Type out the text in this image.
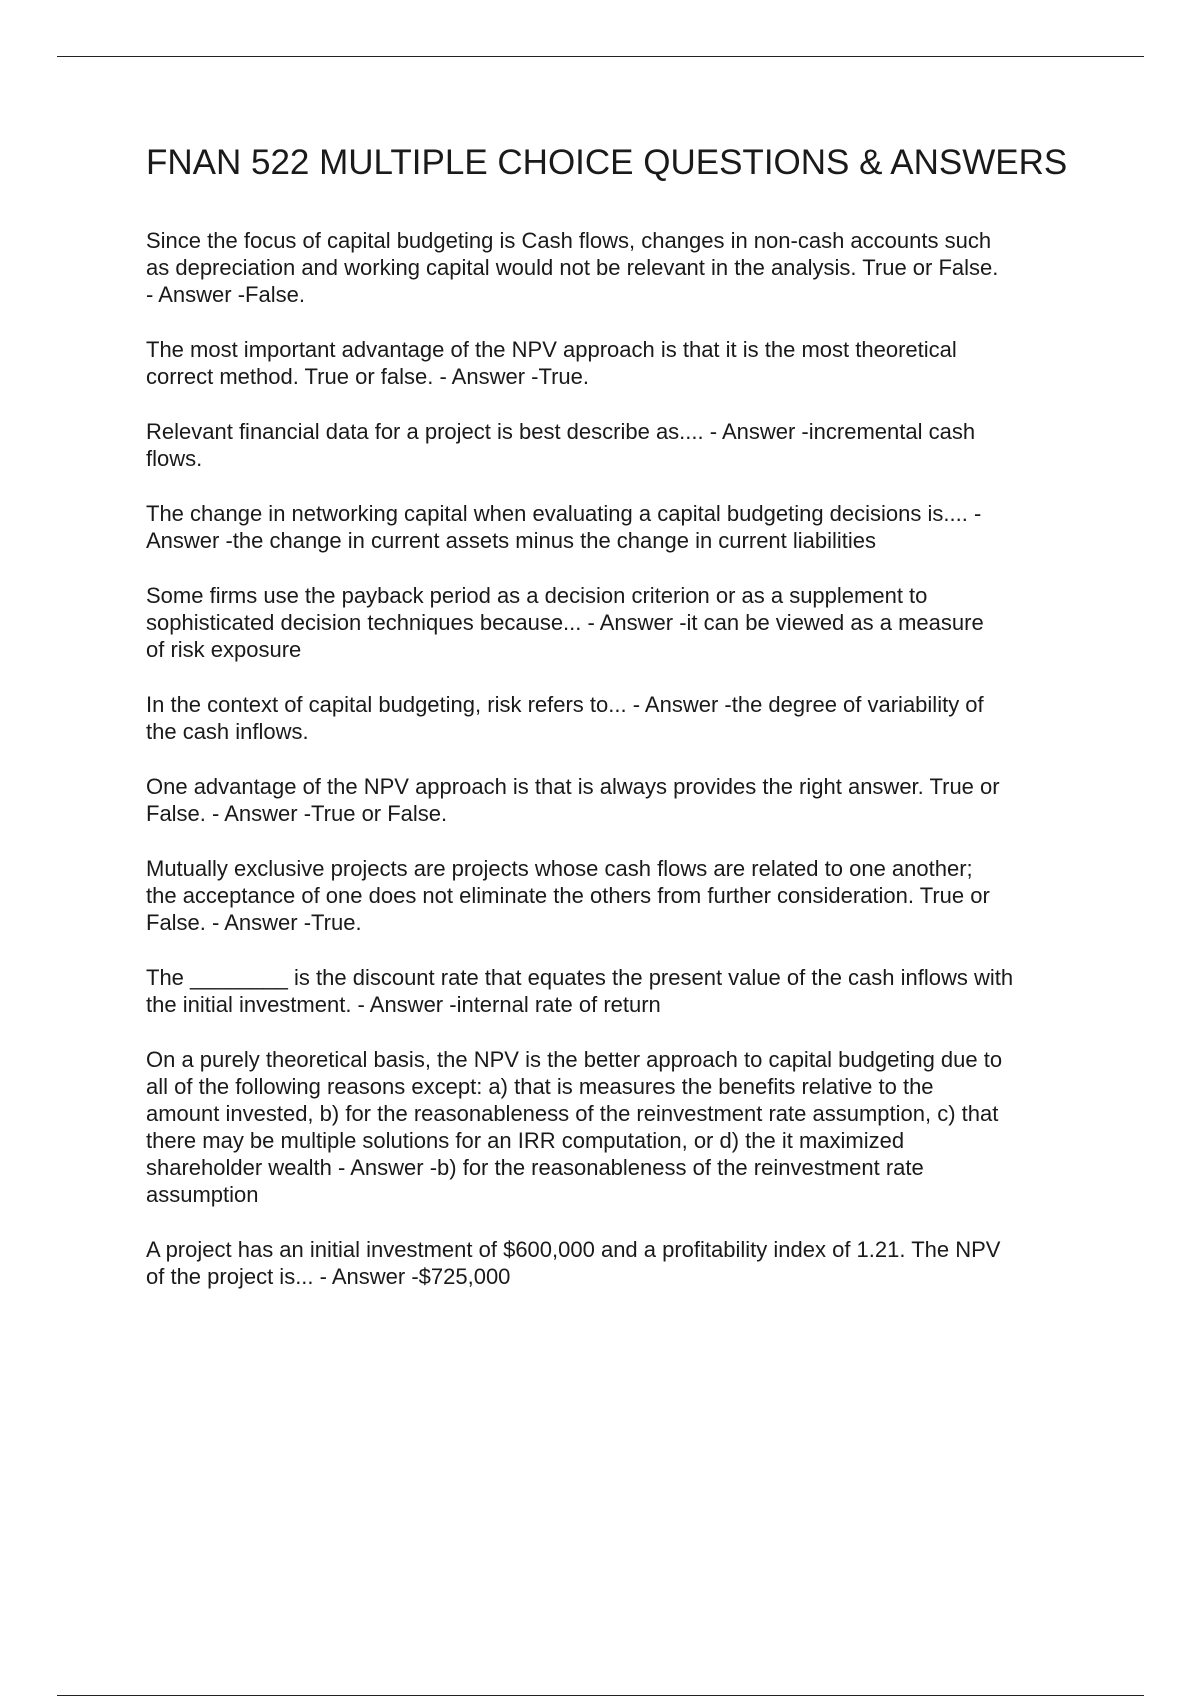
FNAN 522 MULTIPLE CHOICE QUESTIONS & ANSWERS

Since the focus of capital budgeting is Cash flows, changes in non-cash accounts such
as depreciation and working capital would not be relevant in the analysis. True or False.
- Answer -False.

The most important advantage of the NPV approach is that it is the most theoretical
correct method. True or false. - Answer -True.

Relevant financial data for a project is best describe as.... - Answer -incremental cash
flows.

The change in networking capital when evaluating a capital budgeting decisions is.... -
Answer -the change in current assets minus the change in current liabilities

Some firms use the payback period as a decision criterion or as a supplement to
sophisticated decision techniques because... - Answer -it can be viewed as a measure
of risk exposure

In the context of capital budgeting, risk refers to... - Answer -the degree of variability of
the cash inflows.

One advantage of the NPV approach is that is always provides the right answer. True or
False. - Answer -True or False.

Mutually exclusive projects are projects whose cash flows are related to one another;
the acceptance of one does not eliminate the others from further consideration. True or
False. - Answer -True.

The ________ is the discount rate that equates the present value of the cash inflows with
the initial investment. - Answer -internal rate of return

On a purely theoretical basis, the NPV is the better approach to capital budgeting due to
all of the following reasons except: a) that is measures the benefits relative to the
amount invested, b) for the reasonableness of the reinvestment rate assumption, c) that
there may be multiple solutions for an IRR computation, or d) the it maximized
shareholder wealth - Answer -b) for the reasonableness of the reinvestment rate
assumption

A project has an initial investment of $600,000 and a profitability index of 1.21. The NPV
of the project is... - Answer -$725,000
